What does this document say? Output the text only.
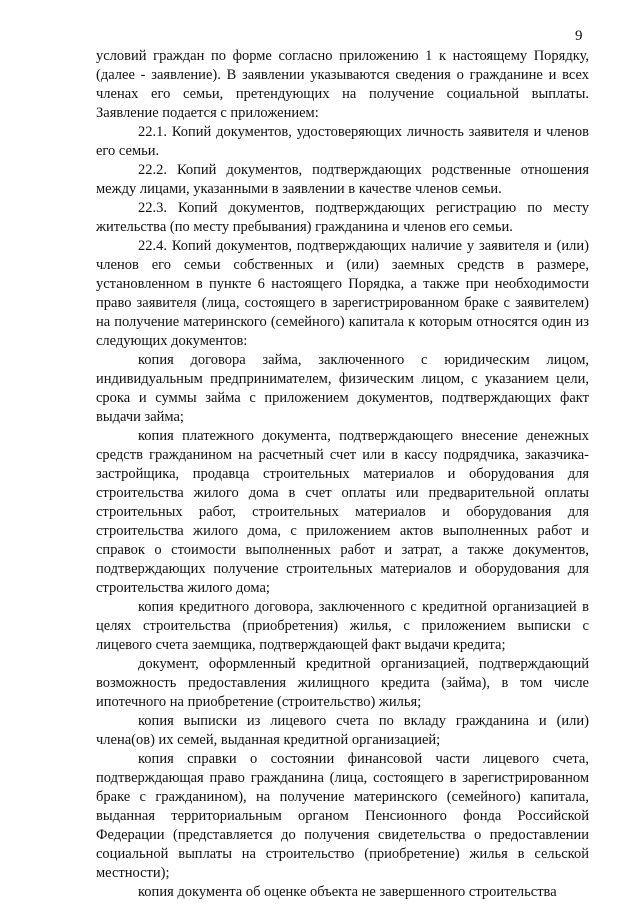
9

условий граждан по форме согласно приложению 1 к настоящему Порядку, (далее - заявление). В заявлении указываются сведения о гражданине и всех членах его семьи, претендующих на получение социальной выплаты. Заявление подается с приложением:

22.1. Копий документов, удостоверяющих личность заявителя и членов его семьи.

22.2. Копий документов, подтверждающих родственные отношения между лицами, указанными в заявлении в качестве членов семьи.

22.3. Копий документов, подтверждающих регистрацию по месту жительства (по месту пребывания) гражданина и членов его семьи.

22.4. Копий документов, подтверждающих наличие у заявителя и (или) членов его семьи собственных и (или) заемных средств в размере, установленном в пункте 6 настоящего Порядка, а также при необходимости право заявителя (лица, состоящего в зарегистрированном браке с заявителем) на получение материнского (семейного) капитала к которым относятся один из следующих документов:

копия договора займа, заключенного с юридическим лицом, индивидуальным предпринимателем, физическим лицом, с указанием цели, срока и суммы займа с приложением документов, подтверждающих факт выдачи займа;

копия платежного документа, подтверждающего внесение денежных средств гражданином на расчетный счет или в кассу подрядчика, заказчика-застройщика, продавца строительных материалов и оборудования для строительства жилого дома в счет оплаты или предварительной оплаты строительных работ, строительных материалов и оборудования для строительства жилого дома, с приложением актов выполненных работ и справок о стоимости выполненных работ и затрат, а также документов, подтверждающих получение строительных материалов и оборудования для строительства жилого дома;

копия кредитного договора, заключенного с кредитной организацией в целях строительства (приобретения) жилья, с приложением выписки с лицевого счета заемщика, подтверждающей факт выдачи кредита;

документ, оформленный кредитной организацией, подтверждающий возможность предоставления жилищного кредита (займа), в том числе ипотечного на приобретение (строительство) жилья;

копия выписки из лицевого счета по вкладу гражданина и (или) члена(ов) их семей, выданная кредитной организацией;

копия справки о состоянии финансовой части лицевого счета, подтверждающая право гражданина (лица, состоящего в зарегистрированном браке с гражданином), на получение материнского (семейного) капитала, выданная территориальным органом Пенсионного фонда Российской Федерации (представляется до получения свидетельства о предоставлении социальной выплаты на строительство (приобретение) жилья в сельской местности);

копия документа об оценке объекта не завершенного строительства
